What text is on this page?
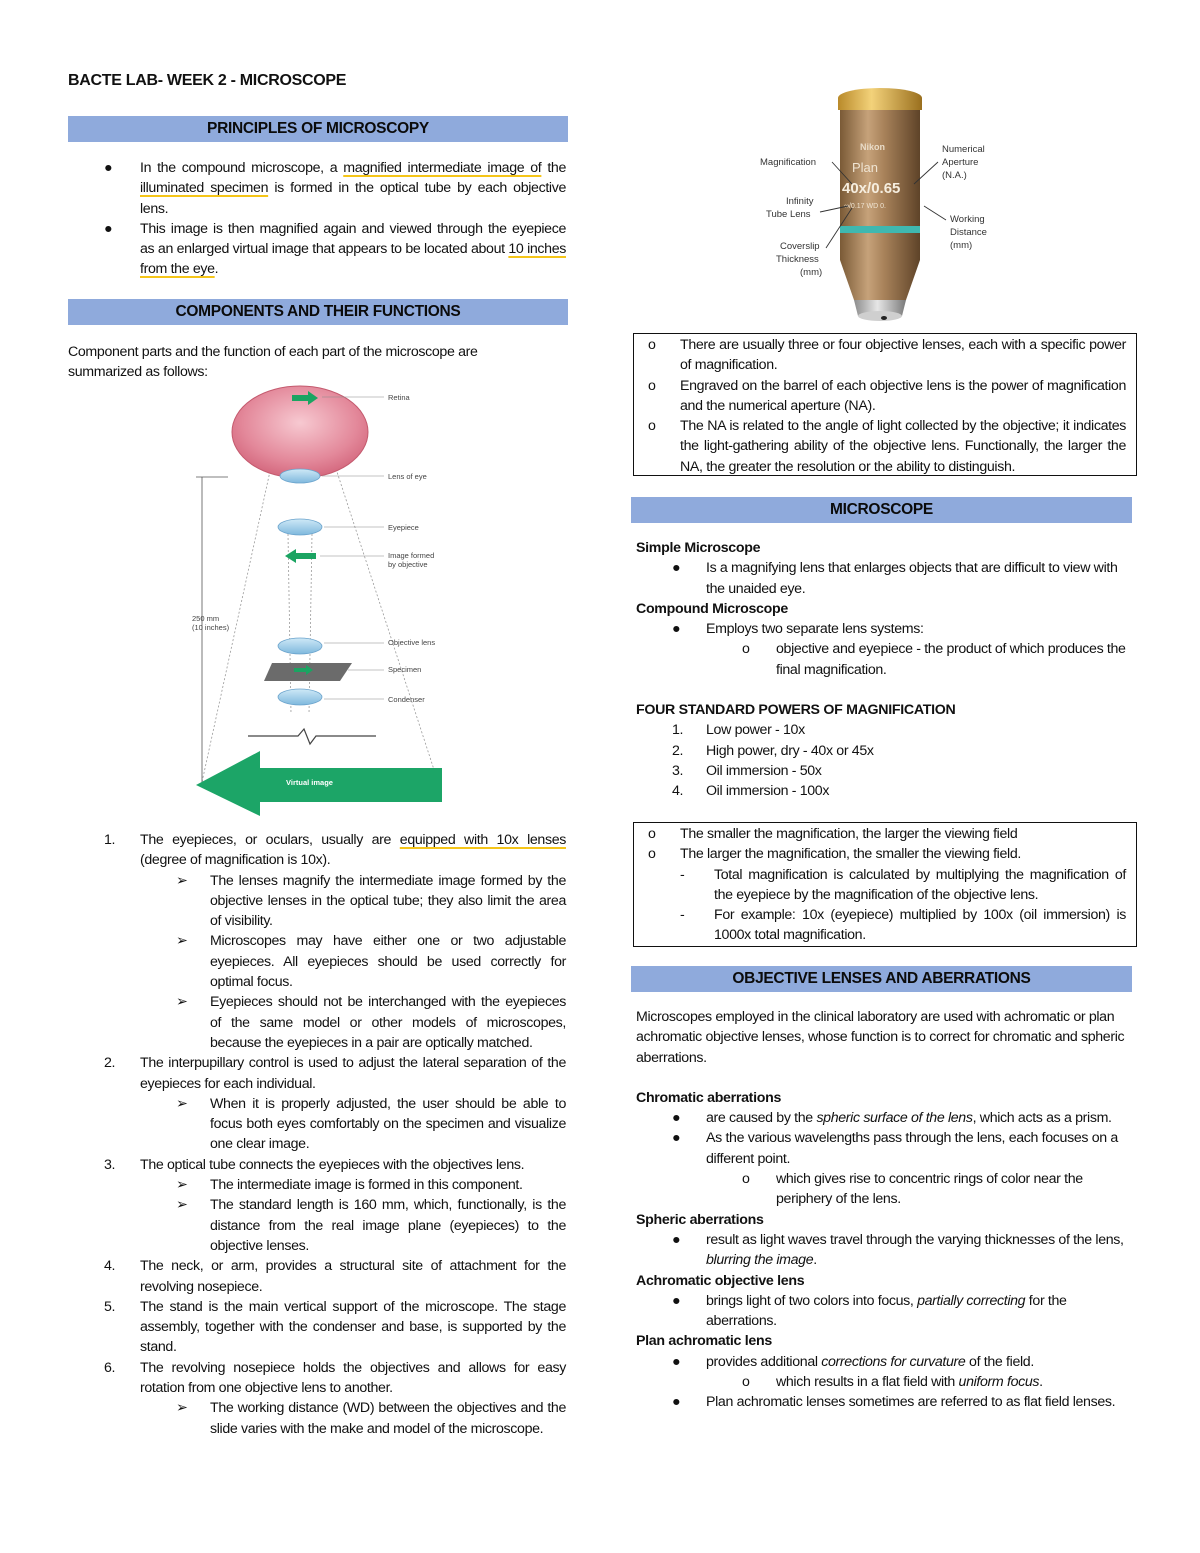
BACTE LAB- WEEK 2 - MICROSCOPE
PRINCIPLES OF MICROSCOPY
● In the compound microscope, a magnified intermediate image of the illuminated specimen is formed in the optical tube by each objective lens.
● This image is then magnified again and viewed through the eyepiece as an enlarged virtual image that appears to be located about 10 inches from the eye.
COMPONENTS AND THEIR FUNCTIONS
Component parts and the function of each part of the microscope are summarized as follows:
Retina
Lens of eye
Eyepiece
Image formed
by objective
250 mm
(10 inches)
Objective lens
Specimen
Condenser
Virtual image
1. The eyepieces, or oculars, usually are equipped with 10x lenses (degree of magnification is 10x).
➢ The lenses magnify the intermediate image formed by the objective lenses in the optical tube; they also limit the area of visibility.
➢ Microscopes may have either one or two adjustable eyepieces. All eyepieces should be used correctly for optimal focus.
➢ Eyepieces should not be interchanged with the eyepieces of the same model or other models of microscopes, because the eyepieces in a pair are optically matched.
2. The interpupillary control is used to adjust the lateral separation of the eyepieces for each individual.
➢ When it is properly adjusted, the user should be able to focus both eyes comfortably on the specimen and visualize one clear image.
3. The optical tube connects the eyepieces with the objectives lens.
➢ The intermediate image is formed in this component.
➢ The standard length is 160 mm, which, functionally, is the distance from the real image plane (eyepieces) to the objective lenses.
4. The neck, or arm, provides a structural site of attachment for the revolving nosepiece.
5. The stand is the main vertical support of the microscope. The stage assembly, together with the condenser and base, is supported by the stand.
6. The revolving nosepiece holds the objectives and allows for easy rotation from one objective lens to another.
➢ The working distance (WD) between the objectives and the slide varies with the make and model of the microscope.
Nikon
Plan
40x/0.65
∞/0.17 WD 0.
Magnification
Infinity
Tube Lens
Coverslip
Thickness
(mm)
Numerical
Aperture
(N.A.)
Working
Distance
(mm)
o There are usually three or four objective lenses, each with a specific power of magnification.
o Engraved on the barrel of each objective lens is the power of magnification and the numerical aperture (NA).
o The NA is related to the angle of light collected by the objective; it indicates the light-gathering ability of the objective lens. Functionally, the larger the NA, the greater the resolution or the ability to distinguish.
MICROSCOPE
Simple Microscope
● Is a magnifying lens that enlarges objects that are difficult to view with the unaided eye.
Compound Microscope
● Employs two separate lens systems:
o objective and eyepiece - the product of which produces the final magnification.
FOUR STANDARD POWERS OF MAGNIFICATION
1. Low power - 10x
2. High power, dry - 40x or 45x
3. Oil immersion - 50x
4. Oil immersion - 100x
o The smaller the magnification, the larger the viewing field
o The larger the magnification, the smaller the viewing field.
- Total magnification is calculated by multiplying the magnification of the eyepiece by the magnification of the objective lens.
- For example: 10x (eyepiece) multiplied by 100x (oil immersion) is 1000x total magnification.
OBJECTIVE LENSES AND ABERRATIONS
Microscopes employed in the clinical laboratory are used with achromatic or plan achromatic objective lenses, whose function is to correct for chromatic and spheric aberrations.
Chromatic aberrations
● are caused by the spheric surface of the lens, which acts as a prism.
● As the various wavelengths pass through the lens, each focuses on a different point.
o which gives rise to concentric rings of color near the periphery of the lens.
Spheric aberrations
● result as light waves travel through the varying thicknesses of the lens, blurring the image.
Achromatic objective lens
● brings light of two colors into focus, partially correcting for the aberrations.
Plan achromatic lens
● provides additional corrections for curvature of the field.
o which results in a flat field with uniform focus.
● Plan achromatic lenses sometimes are referred to as flat field lenses.
